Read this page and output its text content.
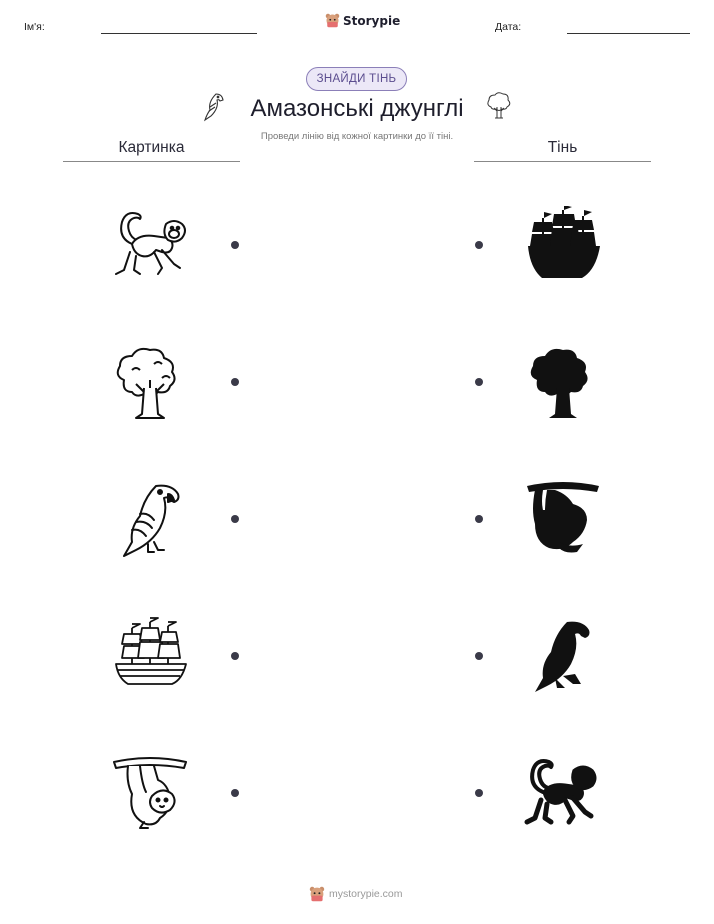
Ім'я:	Storypie	Дата:
ЗНАЙДИ ТІНЬ
Амазонські джунглі
Проведи лінію від кожної картинки до її тіні.
Картинка	Тінь
mystorypie.com
